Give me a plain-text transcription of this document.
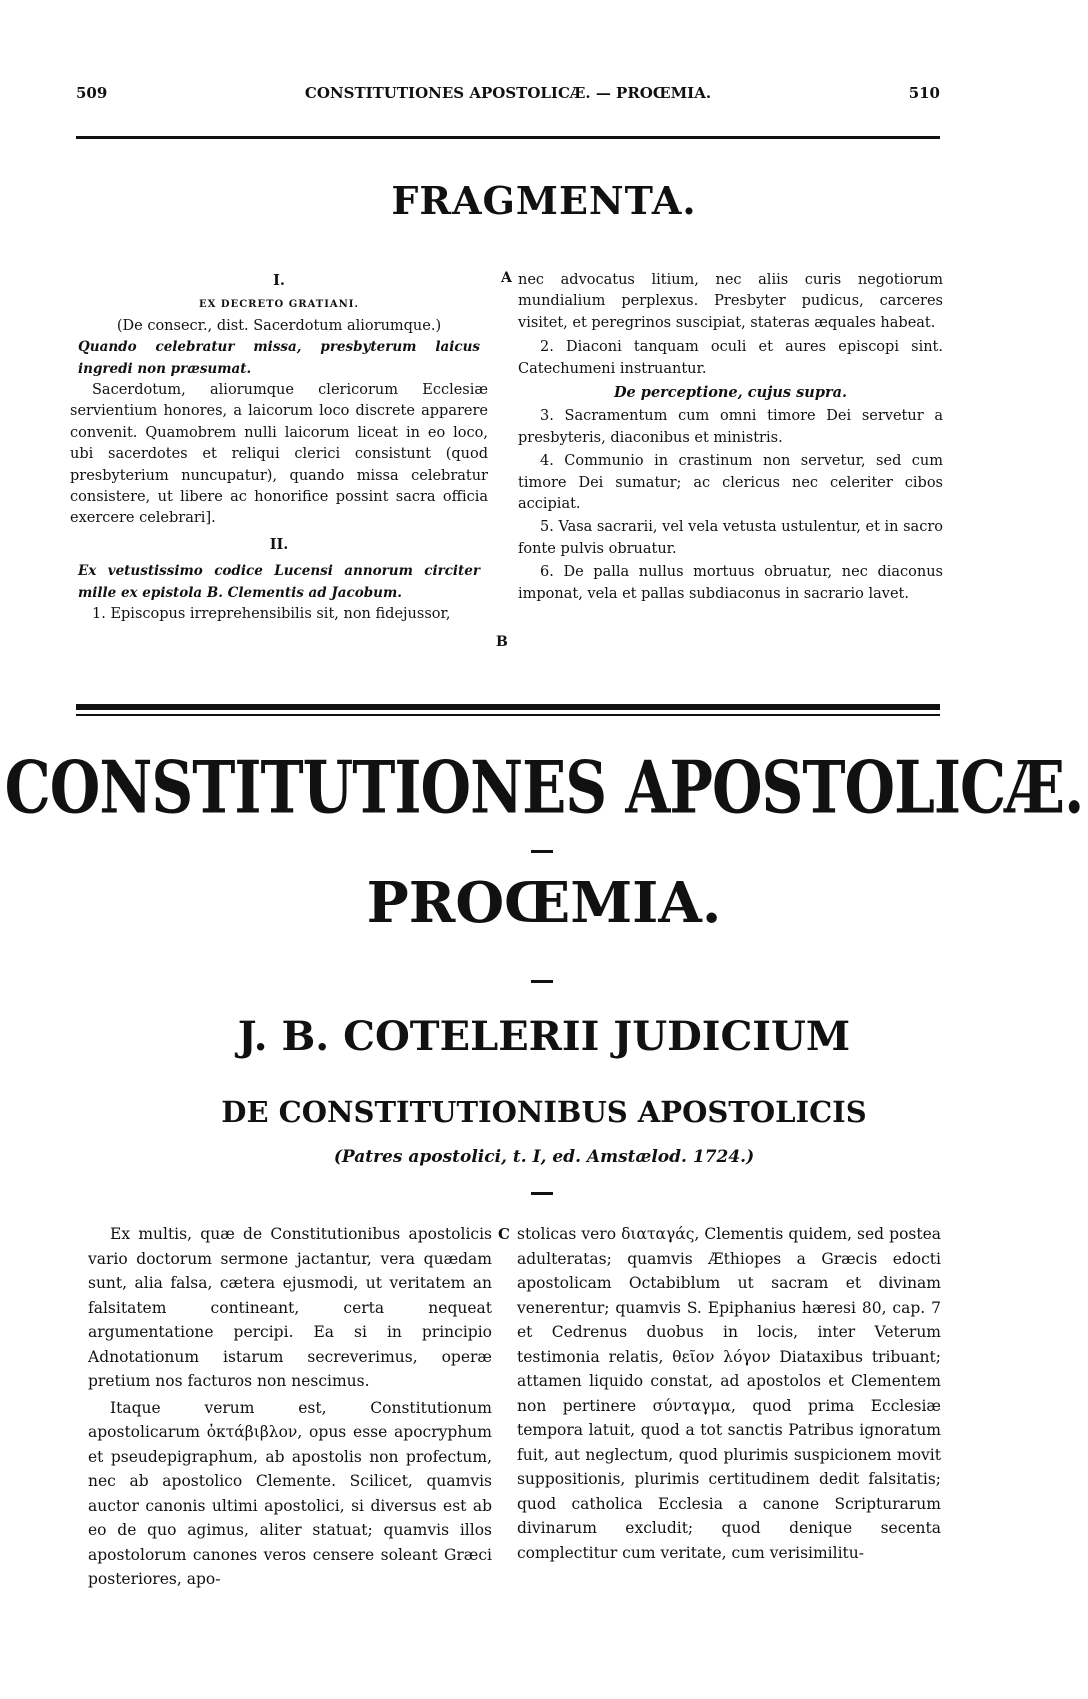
509	CONSTITUTIONES APOSTOLICÆ. — PROŒMIA.	510
FRAGMENTA.

I.

EX DECRETO GRATIANI.

(De consecr., dist. Sacerdotum aliorumque.)

Quando celebratur missa, presbyterum laicus ingredi non præsumat.

Sacerdotum, aliorumque clericorum Ecclesiæ servientium honores, a laicorum loco discrete apparere convenit. Quamobrem nulli laicorum liceat in eo loco, ubi sacerdotes et reliqui clerici consistunt (quod presbyterium nuncupatur), quando missa celebratur consistere, ut libere ac honorifice possint sacra officia exercere celebrari].

II.

Ex vetustissimo codice Lucensi annorum circiter mille ex epistola B. Clementis ad Jacobum.

1. Episcopus irreprehensibilis sit, non fidejussor,

A
B

nec advocatus litium, nec aliis curis negotiorum mundialium perplexus. Presbyter pudicus, carceres visitet, et peregrinos suscipiat, stateras æquales habeat.

2. Diaconi tanquam oculi et aures episcopi sint. Catechumeni instruantur.

De perceptione, cujus supra.

3. Sacramentum cum omni timore Dei servetur a presbyteris, diaconibus et ministris.

4. Communio in crastinum non servetur, sed cum timore Dei sumatur; ac clericus nec celeriter cibos accipiat.

5. Vasa sacrarii, vel vela vetusta ustulentur, et in sacro fonte pulvis obruatur.

6. De palla nullus mortuus obruatur, nec diaconus imponat, vela et pallas subdiaconus in sacrario lavet.

CONSTITUTIONES APOSTOLICÆ.
PROŒMIA.
J. B. COTELERII JUDICIUM
DE CONSTITUTIONIBUS APOSTOLICIS
(Patres apostolici, t. I, ed. Amstælod. 1724.)

Ex multis, quæ de Constitutionibus apostolicis vario doctorum sermone jactantur, vera quædam sunt, alia falsa, cætera ejusmodi, ut veritatem an falsitatem contineant, certa nequeat argumentatione percipi. Ea si in principio Adnotationum istarum secreverimus, operæ pretium nos facturos non nescimus.

Itaque verum est, Constitutionum apostolicarum ὀκτάβιβλον, opus esse apocryphum et pseudepigraphum, ab apostolis non profectum, nec ab apostolico Clemente. Scilicet, quamvis auctor canonis ultimi apostolici, si diversus est ab eo de quo agimus, aliter statuat; quamvis illos apostolorum canones veros censere soleant Græci posteriores, apo-

C stolicas vero διαταγάς, Clementis quidem, sed postea adulteratas; quamvis Æthiopes a Græcis edocti apostolicam Octabiblum ut sacram et divinam venerentur; quamvis S. Epiphanius hæresi 80, cap. 7 et Cedrenus duobus in locis, inter Veterum testimonia relatis, θεῖον λόγον Diataxibus tribuant; attamen liquido constat, ad apostolos et Clementem non pertinere σύνταγμα, quod prima Ecclesiæ tempora latuit, quod a tot sanctis Patribus ignoratum fuit, aut neglectum, quod plurimis suspicionem movit suppositionis, plurimis certitudinem dedit falsitatis; quod catholica Ecclesia a canone Scripturarum divinarum excludit; quod denique secenta complectitur cum veritate, cum verisimilitu-
